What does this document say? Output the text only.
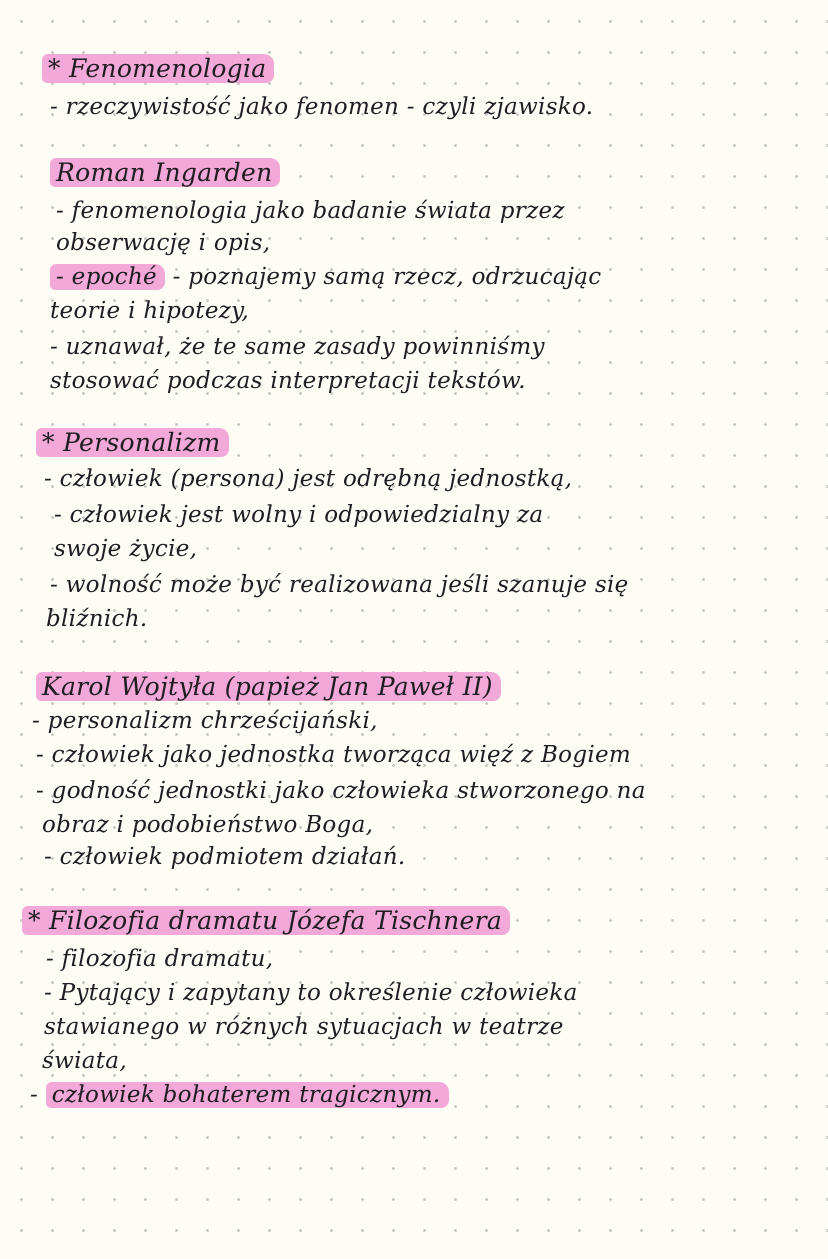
* Fenomenologia
- rzeczywistość jako fenomen - czyli zjawisko.
Roman Ingarden
- fenomenologia jako badanie świata przez
obserwację i opis,
- epoché - poznajemy samą rzecz, odrzucając
teorie i hipotezy,
- uznawał, że te same zasady powinniśmy
stosować podczas interpretacji tekstów.
* Personalizm
- człowiek (persona) jest odrębną jednostką,
- człowiek jest wolny i odpowiedzialny za
swoje życie,
- wolność może być realizowana jeśli szanuje się
bliźnich.
Karol Wojtyła (papież Jan Paweł II)
- personalizm chrześcijański,
- człowiek jako jednostka tworząca więź z Bogiem
- godność jednostki jako człowieka stworzonego na
obraz i podobieństwo Boga,
- człowiek podmiotem działań.
* Filozofia dramatu Józefa Tischnera
- filozofia dramatu,
- Pytający i zapytany to określenie człowieka
stawianego w różnych sytuacjach w teatrze
świata,
- człowiek bohaterem tragicznym.
